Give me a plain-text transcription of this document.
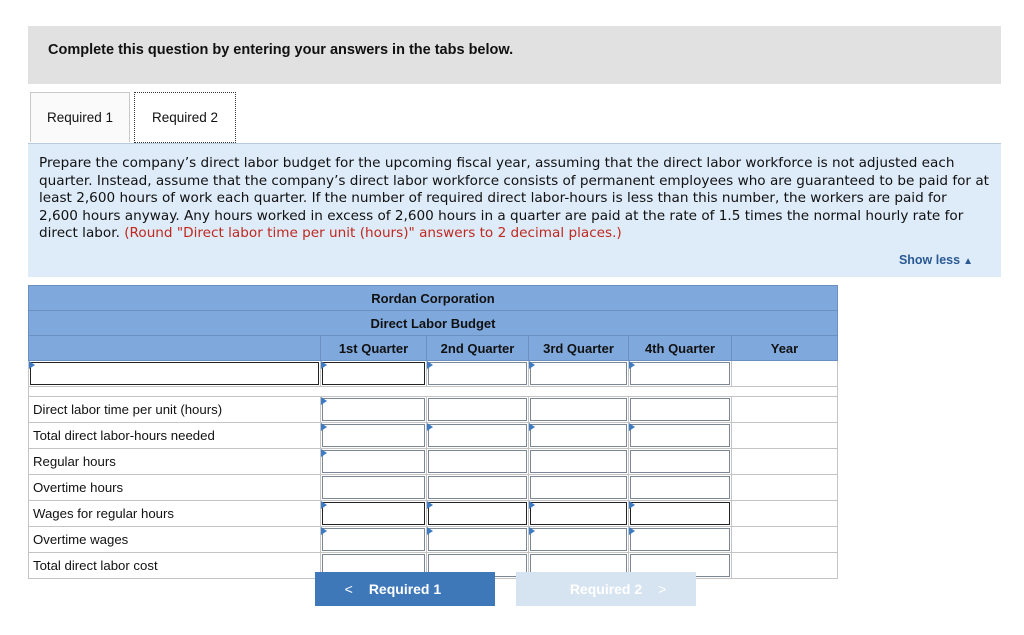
Complete this question by entering your answers in the tabs below.
Required 1	Required 2
Prepare the company’s direct labor budget for the upcoming fiscal year, assuming that the direct labor workforce is not adjusted each quarter. Instead, assume that the company’s direct labor workforce consists of permanent employees who are guaranteed to be paid for at least 2,600 hours of work each quarter. If the number of required direct labor-hours is less than this number, the workers are paid for 2,600 hours anyway. Any hours worked in excess of 2,600 hours in a quarter are paid at the rate of 1.5 times the normal hourly rate for direct labor. (Round "Direct labor time per unit (hours)" answers to 2 decimal places.)
Show less ▲
Rordan Corporation					
Direct Labor Budget					
	1st Quarter	2nd Quarter	3rd Quarter	4th Quarter	Year

Direct labor time per unit (hours)	

Total direct labor-hours needed	

Regular hours	

Overtime hours	

Wages for regular hours	

Overtime wages	

Total direct labor cost	

< Required 1	Required 2 >
